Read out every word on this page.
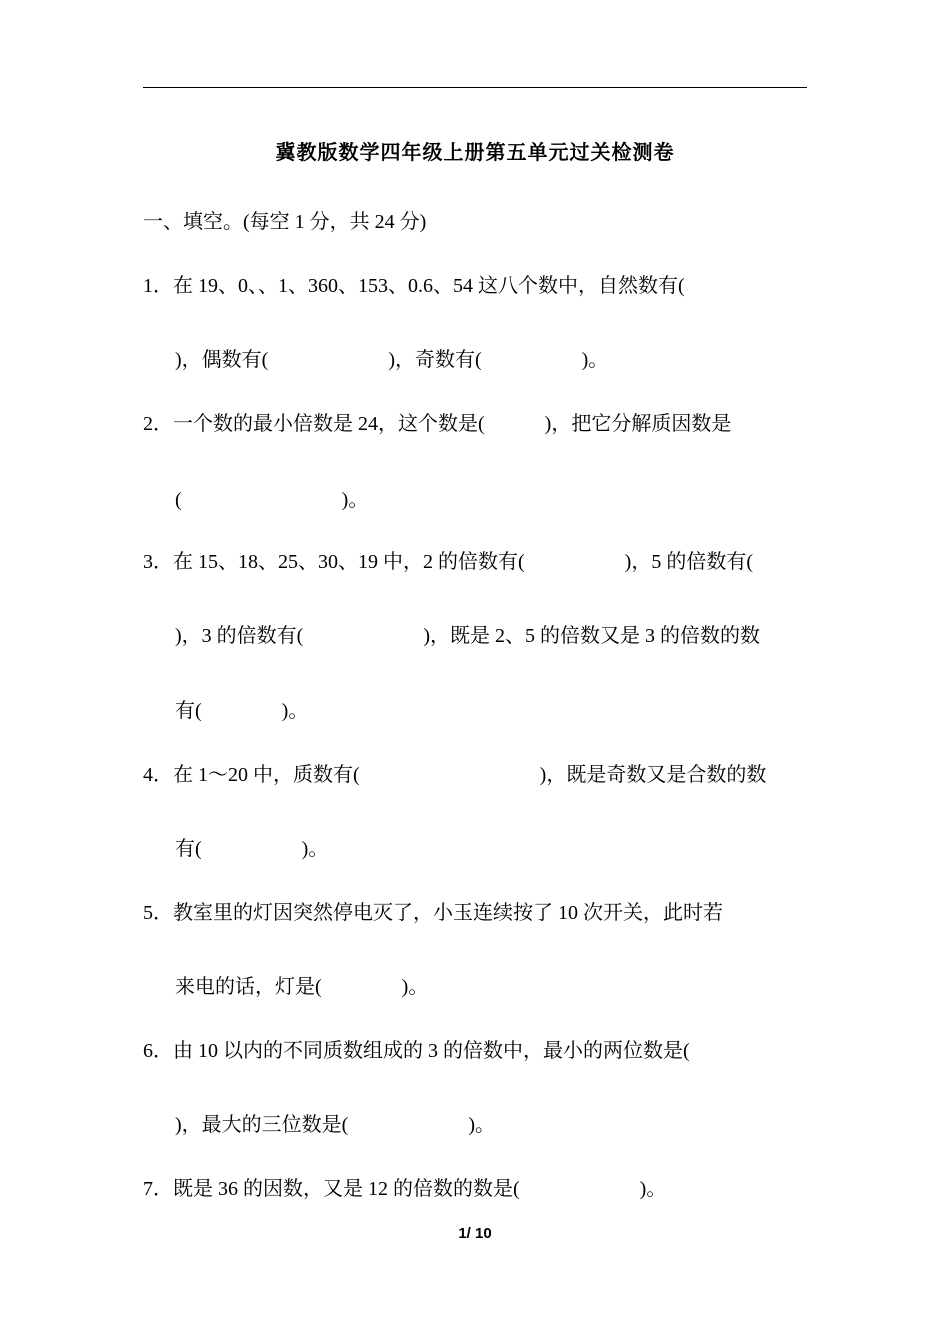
冀教版数学四年级上册第五单元过关检测卷
一、填空。(每空 1 分，共 24 分)
1．在 19、0、、1、360、153、0.6、54 这八个数中，自然数有(
)，偶数有(　　　　　　)，奇数有(　　　　　)。
2．一个数的最小倍数是 24，这个数是(　　　)，把它分解质因数是
(　　　　　　　　)。
3．在 15、18、25、30、19 中，2 的倍数有(　　　　　)，5 的倍数有(
)，3 的倍数有(　　　　　　)，既是 2、5 的倍数又是 3 的倍数的数
有(　　　　)。
4．在 1～20 中，质数有(　　　　　　　　　)，既是奇数又是合数的数
有(　　　　　)。
5．教室里的灯因突然停电灭了，小玉连续按了 10 次开关，此时若
来电的话，灯是(　　　　)。
6．由 10 以内的不同质数组成的 3 的倍数中，最小的两位数是(
)，最大的三位数是(　　　　　　)。
7．既是 36 的因数，又是 12 的倍数的数是(　　　　　　)。
1/ 10
